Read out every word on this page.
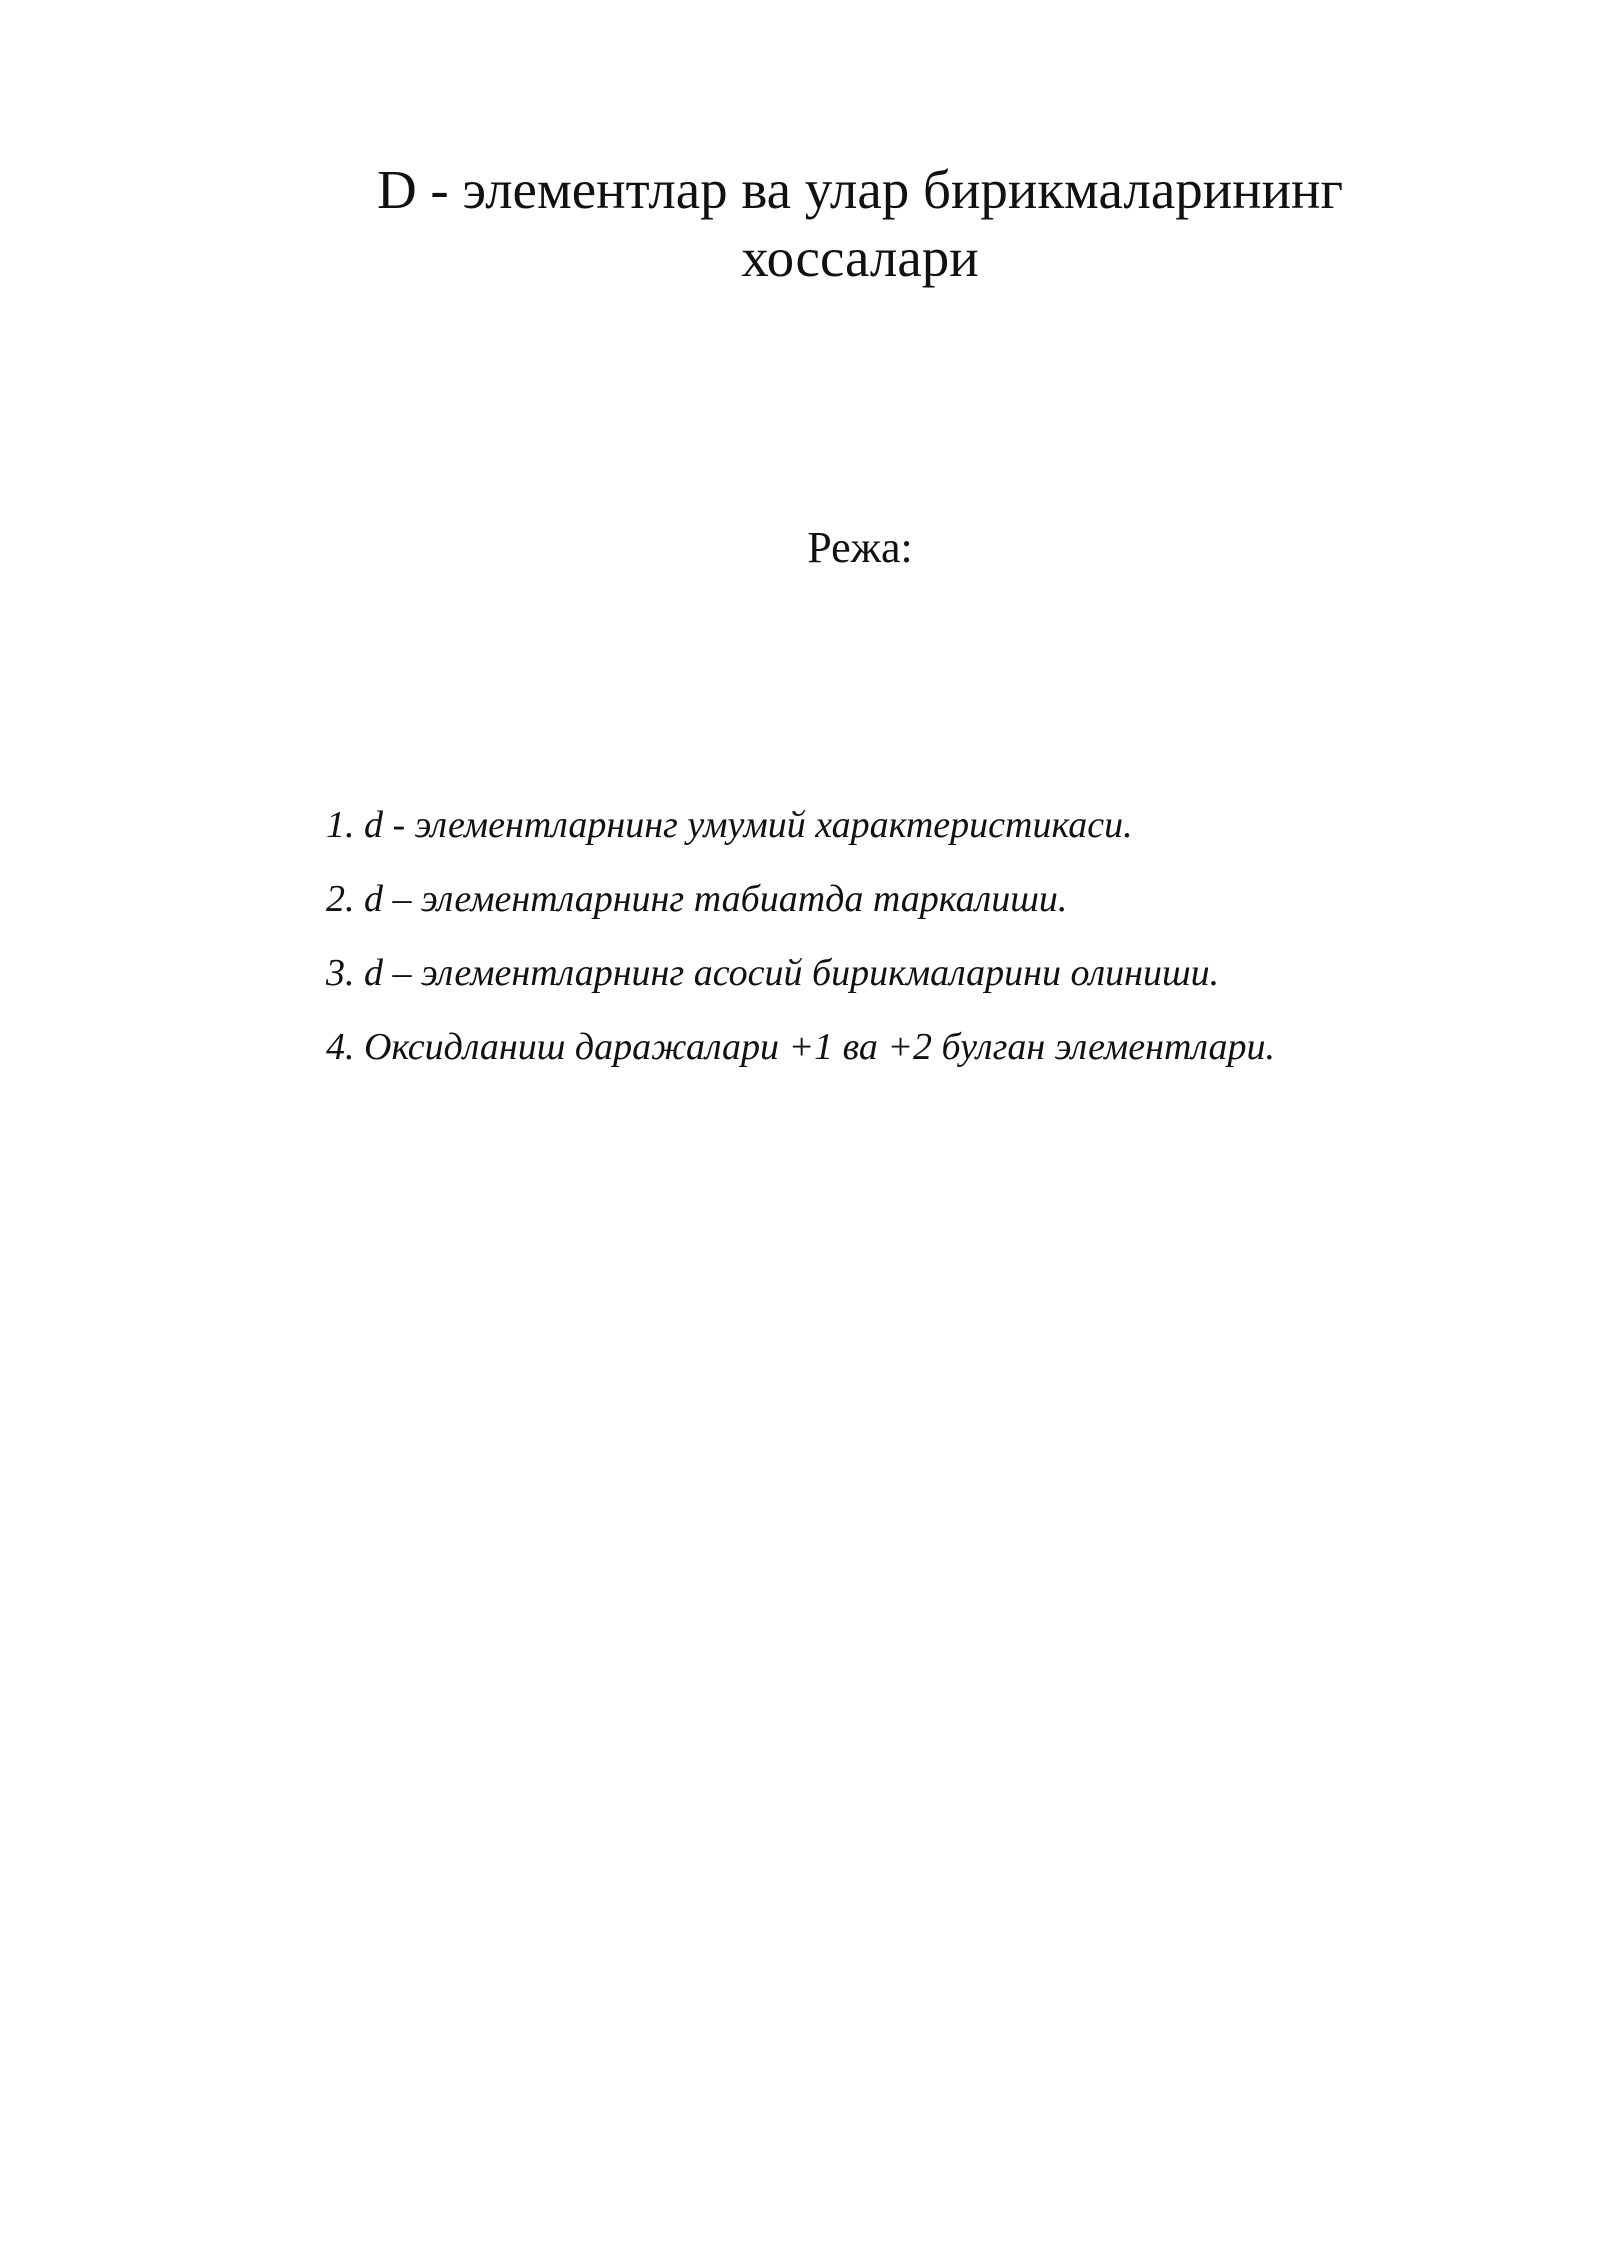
D - элементлар ва улар бирикмаларининг
хоссалари
Режа:
1. d - элементларнинг умумий характеристикаси.
2. d – элементларнинг табиатда таркалиши.
3. d – элементларнинг асосий бирикмаларини олиниши.
4. Оксидланиш даражалари +1 ва +2 булган элементлари.
